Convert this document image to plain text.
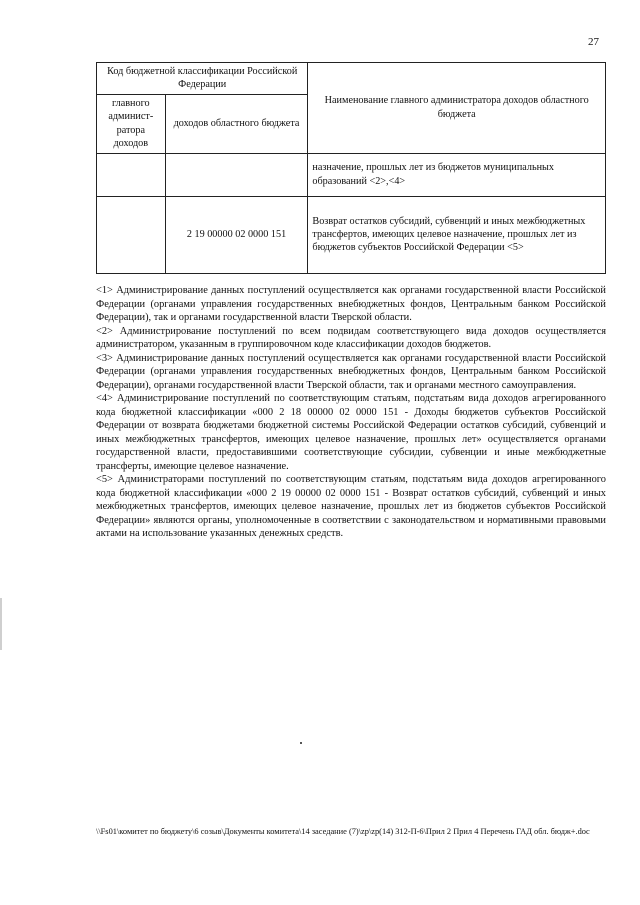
27
Код бюджетной классификации Российской Федерации		Наименование главного администратора доходов областного бюджета
главного админист-ратора доходов	доходов областного бюджета	
		назначение, прошлых лет из бюджетов муниципальных образований <2>,<4>
	2 19 00000 02 0000 151	Возврат остатков субсидий, субвенций и иных межбюджетных трансфертов, имеющих целевое назначение, прошлых лет из бюджетов субъектов Российской Федерации <5>

<1> Администрирование данных поступлений осуществляется как органами государственной власти Российской Федерации (органами управления государственных внебюджетных фондов, Центральным банком Российской Федерации), так и органами государственной власти Тверской области.

<2> Администрирование поступлений по всем подвидам соответствующего вида доходов осуществляется администратором, указанным в группировочном коде классификации доходов бюджетов.

<3> Администрирование данных поступлений осуществляется как органами государственной власти Российской Федерации (органами управления государственных внебюджетных фондов, Центральным банком Российской Федерации), органами государственной власти Тверской области, так и органами местного самоуправления.

<4> Администрирование поступлений по соответствующим статьям, подстатьям вида доходов агрегированного кода бюджетной классификации «000 2 18 00000 02 0000 151 - Доходы бюджетов субъектов Российской Федерации от возврата бюджетами бюджетной системы Российской Федерации остатков субсидий, субвенций и иных межбюджетных трансфертов, имеющих целевое назначение, прошлых лет» осуществляется органами государственной власти, предоставившими соответствующие субсидии, субвенции и иные межбюджетные трансферты, имеющие целевое назначение.

<5> Администраторами поступлений по соответствующим статьям, подстатьям вида доходов агрегированного кода бюджетной классификации «000 2 19 00000 02 0000 151 - Возврат остатков субсидий, субвенций и иных межбюджетных трансфертов, имеющих целевое назначение, прошлых лет из бюджетов субъектов Российской Федерации» являются органы, уполномоченные в соответствии с законодательством и нормативными правовыми актами на использование указанных денежных средств.

\\Fs01\комитет по бюджету\6 созыв\Документы комитета\14 заседание (7)\zp\zp(14) 312-П-6\Прил 2 Прил 4 Перечень ГАД обл. бюдж+.doc
